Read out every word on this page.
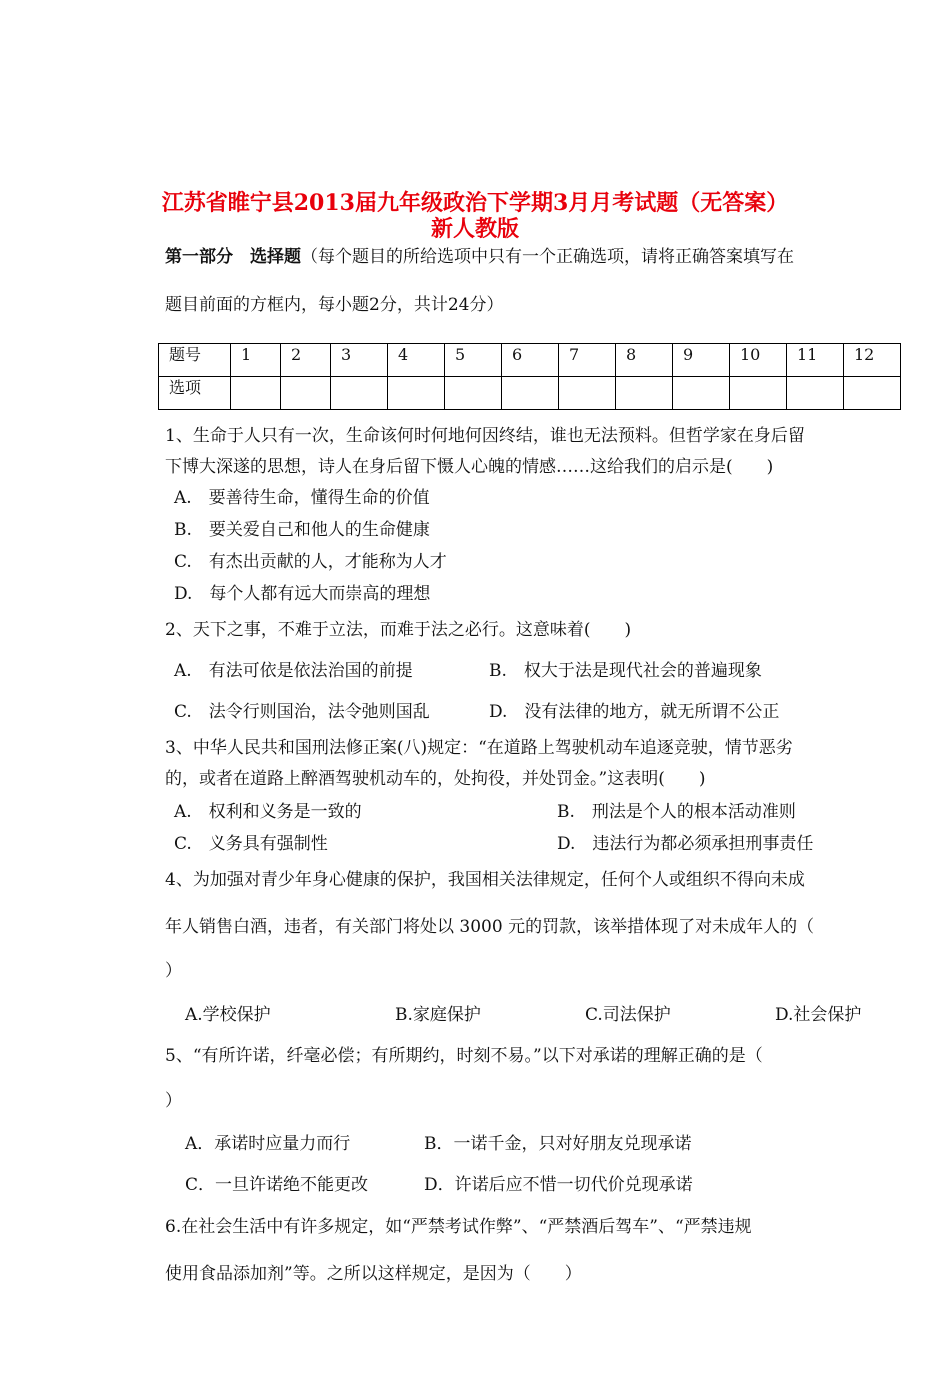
江苏省睢宁县2013届九年级政治下学期3月月考试题（无答案）
新人教版
第一部分　选择题（每个题目的所给选项中只有一个正确选项，请将正确答案填写在
题目前面的方框内，每小题2分，共计24分）
题号	1	2	3	4	5	6	7	8	9	10	11	12
选项												
1、生命于人只有一次，生命该何时何地何因终结，谁也无法预料。但哲学家在身后留
下博大深遂的思想，诗人在身后留下慑人心魄的情感……这给我们的启示是(　　)
A.　要善待生命，懂得生命的价值
B.　要关爱自己和他人的生命健康
C.　有杰出贡献的人，才能称为人才
D.　每个人都有远大而崇高的理想
2、天下之事，不难于立法，而难于法之必行。这意味着(　　)
A.　有法可依是依法治国的前提	B.　权大于法是现代社会的普遍现象
C.　法令行则国治，法令弛则国乱	D.　没有法律的地方，就无所谓不公正
3、中华人民共和国刑法修正案(八)规定：“在道路上驾驶机动车追逐竞驶，情节恶劣
的，或者在道路上醉酒驾驶机动车的，处拘役，并处罚金。”这表明(　　)
A.　权利和义务是一致的	B.　刑法是个人的根本活动准则
C.　义务具有强制性	D.　违法行为都必须承担刑事责任
4、为加强对青少年身心健康的保护，我国相关法律规定，任何个人或组织不得向未成
年人销售白酒，违者，有关部门将处以 3000 元的罚款，该举措体现了对未成年人的（
）
A.学校保护	B.家庭保护	C.司法保护	D.社会保护
5、“有所许诺，纤毫必偿；有所期约，时刻不易。”以下对承诺的理解正确的是（
）
A．承诺时应量力而行	B．一诺千金，只对好朋友兑现承诺
C．一旦许诺绝不能更改	D．许诺后应不惜一切代价兑现承诺
6.在社会生活中有许多规定，如“严禁考试作弊”、“严禁酒后驾车”、“严禁违规
使用食品添加剂”等。之所以这样规定，是因为（　　）
